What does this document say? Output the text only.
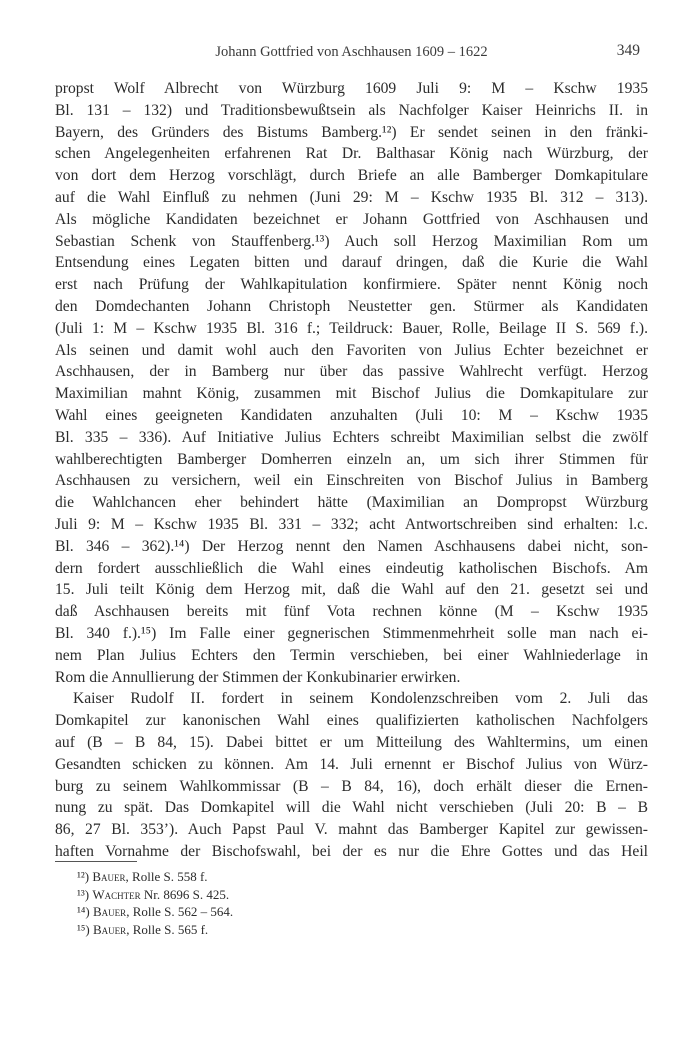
Johann Gottfried von Aschhausen 1609 – 1622	349
propst Wolf Albrecht von Würzburg 1609 Juli 9: M – Kschw 1935
Bl. 131 – 132) und Traditionsbewußtsein als Nachfolger Kaiser Heinrichs II. in
Bayern, des Gründers des Bistums Bamberg.¹²) Er sendet seinen in den fränki-
schen Angelegenheiten erfahrenen Rat Dr. Balthasar König nach Würzburg, der
von dort dem Herzog vorschlägt, durch Briefe an alle Bamberger Domkapitulare
auf die Wahl Einfluß zu nehmen (Juni 29: M – Kschw 1935 Bl. 312 – 313).
Als mögliche Kandidaten bezeichnet er Johann Gottfried von Aschhausen und
Sebastian Schenk von Stauffenberg.¹³) Auch soll Herzog Maximilian Rom um
Entsendung eines Legaten bitten und darauf dringen, daß die Kurie die Wahl
erst nach Prüfung der Wahlkapitulation konfirmiere. Später nennt König noch
den Domdechanten Johann Christoph Neustetter gen. Stürmer als Kandidaten
(Juli 1: M – Kschw 1935 Bl. 316 f.; Teildruck: Bauer, Rolle, Beilage II S. 569 f.).
Als seinen und damit wohl auch den Favoriten von Julius Echter bezeichnet er
Aschhausen, der in Bamberg nur über das passive Wahlrecht verfügt. Herzog
Maximilian mahnt König, zusammen mit Bischof Julius die Domkapitulare zur
Wahl eines geeigneten Kandidaten anzuhalten (Juli 10: M – Kschw 1935
Bl. 335 – 336). Auf Initiative Julius Echters schreibt Maximilian selbst die zwölf
wahlberechtigten Bamberger Domherren einzeln an, um sich ihrer Stimmen für
Aschhausen zu versichern, weil ein Einschreiten von Bischof Julius in Bamberg
die Wahlchancen eher behindert hätte (Maximilian an Dompropst Würzburg
Juli 9: M – Kschw 1935 Bl. 331 – 332; acht Antwortschreiben sind erhalten: l.c.
Bl. 346 – 362).¹⁴) Der Herzog nennt den Namen Aschhausens dabei nicht, son-
dern fordert ausschließlich die Wahl eines eindeutig katholischen Bischofs. Am
15. Juli teilt König dem Herzog mit, daß die Wahl auf den 21. gesetzt sei und
daß Aschhausen bereits mit fünf Vota rechnen könne (M – Kschw 1935
Bl. 340 f.).¹⁵) Im Falle einer gegnerischen Stimmenmehrheit solle man nach ei-
nem Plan Julius Echters den Termin verschieben, bei einer Wahlniederlage in
Rom die Annullierung der Stimmen der Konkubinarier erwirken.
Kaiser Rudolf II. fordert in seinem Kondolenzschreiben vom 2. Juli das
Domkapitel zur kanonischen Wahl eines qualifizierten katholischen Nachfolgers
auf (B – B 84, 15). Dabei bittet er um Mitteilung des Wahltermins, um einen
Gesandten schicken zu können. Am 14. Juli ernennt er Bischof Julius von Würz-
burg zu seinem Wahlkommissar (B – B 84, 16), doch erhält dieser die Ernen-
nung zu spät. Das Domkapitel will die Wahl nicht verschieben (Juli 20: B – B
86, 27 Bl. 353’). Auch Papst Paul V. mahnt das Bamberger Kapitel zur gewissen-
haften Vornahme der Bischofswahl, bei der es nur die Ehre Gottes und das Heil
¹²) Bauer, Rolle S. 558 f.
¹³) Wachter Nr. 8696 S. 425.
¹⁴) Bauer, Rolle S. 562 – 564.
¹⁵) Bauer, Rolle S. 565 f.
